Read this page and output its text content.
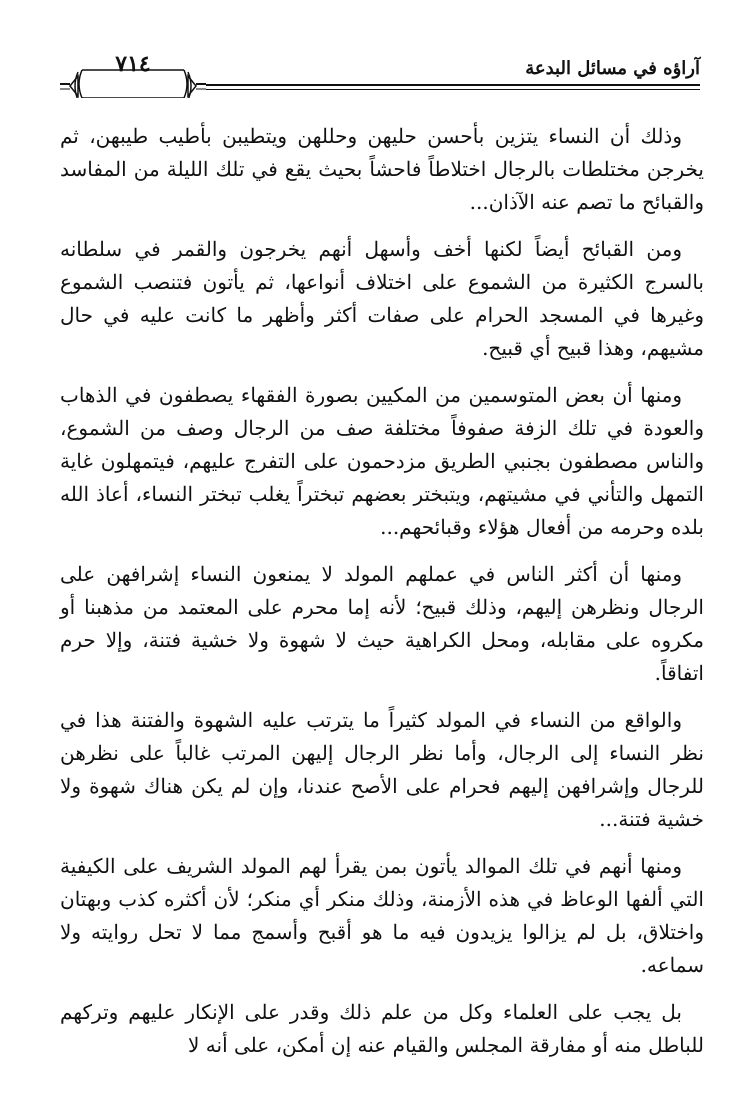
آراؤه في مسائل البدعة
٧١٤

وذلك أن النساء يتزين بأحسن حليهن وحللهن ويتطيبن بأطيب طيبهن، ثم يخرجن مختلطات بالرجال اختلاطاً فاحشاً بحيث يقع في تلك الليلة من المفاسد والقبائح ما تصم عنه الآذان...

ومن القبائح أيضاً لكنها أخف وأسهل أنهم يخرجون والقمر في سلطانه بالسرج الكثيرة من الشموع على اختلاف أنواعها، ثم يأتون فتنصب الشموع وغيرها في المسجد الحرام على صفات أكثر وأظهر ما كانت عليه في حال مشيهم، وهذا قبيح أي قبيح.

ومنها أن بعض المتوسمين من المكيين بصورة الفقهاء يصطفون في الذهاب والعودة في تلك الزفة صفوفاً مختلفة صف من الرجال وصف من الشموع، والناس مصطفون بجنبي الطريق مزدحمون على التفرج عليهم، فيتمهلون غاية التمهل والتأني في مشيتهم، ويتبختر بعضهم تبختراً يغلب تبختر النساء، أعاذ الله بلده وحرمه من أفعال هؤلاء وقبائحهم...

ومنها أن أكثر الناس في عملهم المولد لا يمنعون النساء إشرافهن على الرجال ونظرهن إليهم، وذلك قبيح؛ لأنه إما محرم على المعتمد من مذهبنا أو مكروه على مقابله، ومحل الكراهية حيث لا شهوة ولا خشية فتنة، وإلا حرم اتفاقاً.

والواقع من النساء في المولد كثيراً ما يترتب عليه الشهوة والفتنة هذا في نظر النساء إلى الرجال، وأما نظر الرجال إليهن المرتب غالباً على نظرهن للرجال وإشرافهن إليهم فحرام على الأصح عندنا، وإن لم يكن هناك شهوة ولا خشية فتنة...

ومنها أنهم في تلك الموالد يأتون بمن يقرأ لهم المولد الشريف على الكيفية التي ألفها الوعاظ في هذه الأزمنة، وذلك منكر أي منكر؛ لأن أكثره كذب وبهتان واختلاق، بل لم يزالوا يزيدون فيه ما هو أقبح وأسمج مما لا تحل روايته ولا سماعه.

بل يجب على العلماء وكل من علم ذلك وقدر على الإنكار عليهم وتركهم للباطل منه أو مفارقة المجلس والقيام عنه إن أمكن، على أنه لا
